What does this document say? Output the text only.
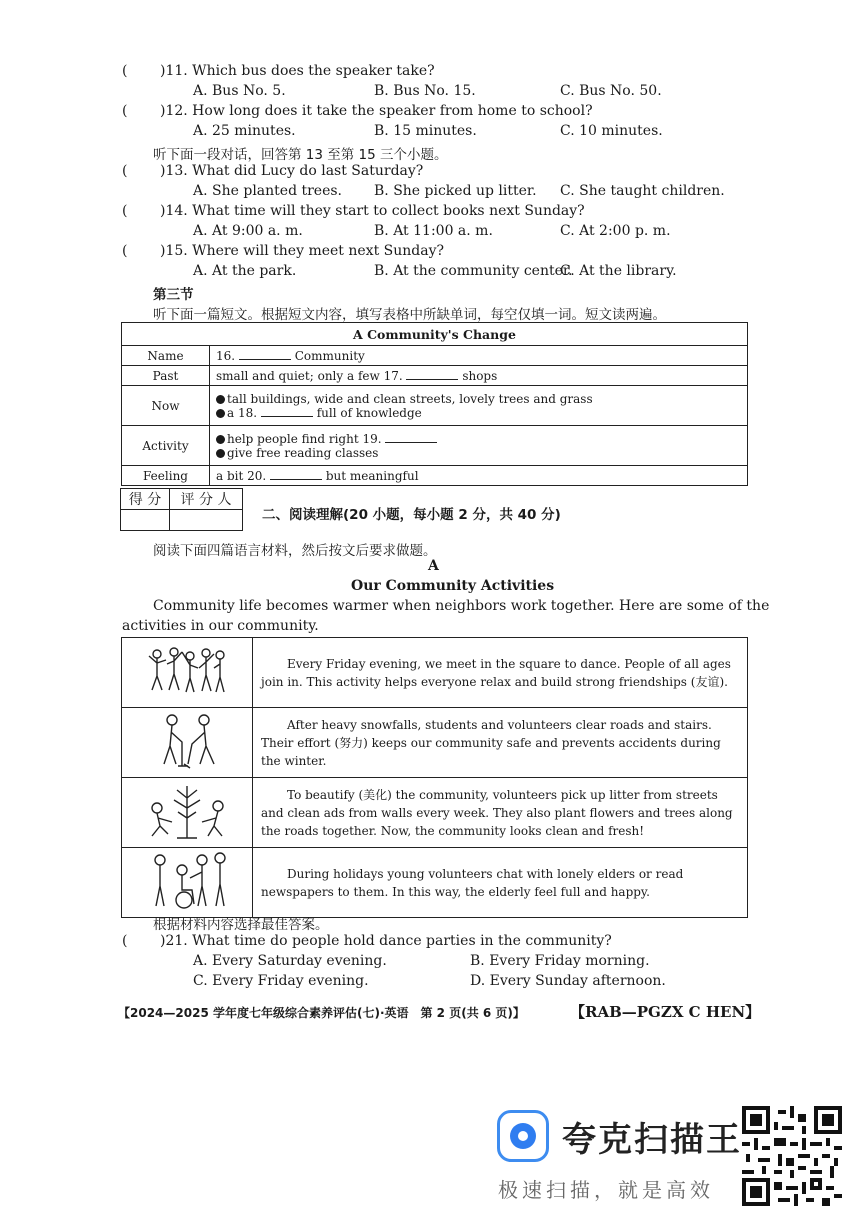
( )11. Which bus does the speaker take?
A. Bus No. 5.	B. Bus No. 15.	C. Bus No. 50.
( )12. How long does it take the speaker from home to school?
A. 25 minutes.	B. 15 minutes.	C. 10 minutes.
听下面一段对话，回答第 13 至第 15 三个小题。
( )13. What did Lucy do last Saturday?
A. She planted trees. B. She picked up litter. C. She taught children.
( )14. What time will they start to collect books next Sunday?
A. At 9:00 a. m.	B. At 11:00 a. m.	C. At 2:00 p. m.
( )15. Where will they meet next Sunday?
A. At the park.	B. At the community center.
C. At the library.
第三节
听下面一篇短文。根据短文内容，填写表格中所缺单词，每空仅填一词。短文读两遍。
A Community's Change	
Name	16. Community
Past	small and quiet; only a few 17. shops
Now	tall buildings, wide and clean streets, lovely trees and grass
a 18. full of knowledge

Activity	help people find right 19.
give free reading classes

Feeling	a bit 20. but meaningful
得 分	评 分 人

二、阅读理解(20 小题，每小题 2 分，共 40 分)
阅读下面四篇语言材料，然后按文后要求做题。
A
Our Community Activities
Community life becomes warmer when neighbors work together. Here are some of the
activities in our community.
	Every Friday evening, we meet in the square to dance. People of all ages join in. This activity helps everyone relax and build strong friendships (友谊).
	After heavy snowfalls, students and volunteers clear roads and stairs. Their effort (努力) keeps our community safe and prevents accidents during the winter.
	To beautify (美化) the community, volunteers pick up litter from streets and clean ads from walls every week. They also plant flowers and trees along the roads together. Now, the community looks clean and fresh!
	During holidays young volunteers chat with lonely elders or read newspapers to them. In this way, the elderly feel full and happy.
根据材料内容选择最佳答案。
( )21. What time do people hold dance parties in the community?
A. Every Saturday evening.	B. Every Friday morning.
C. Every Friday evening.	D. Every Sunday afternoon.
【2024—2025 学年度七年级综合素养评估(七)·英语　第 2 页(共 6 页)】	【RAB—PGZX C HEN】
夸克扫描王
极速扫描，就是高效
